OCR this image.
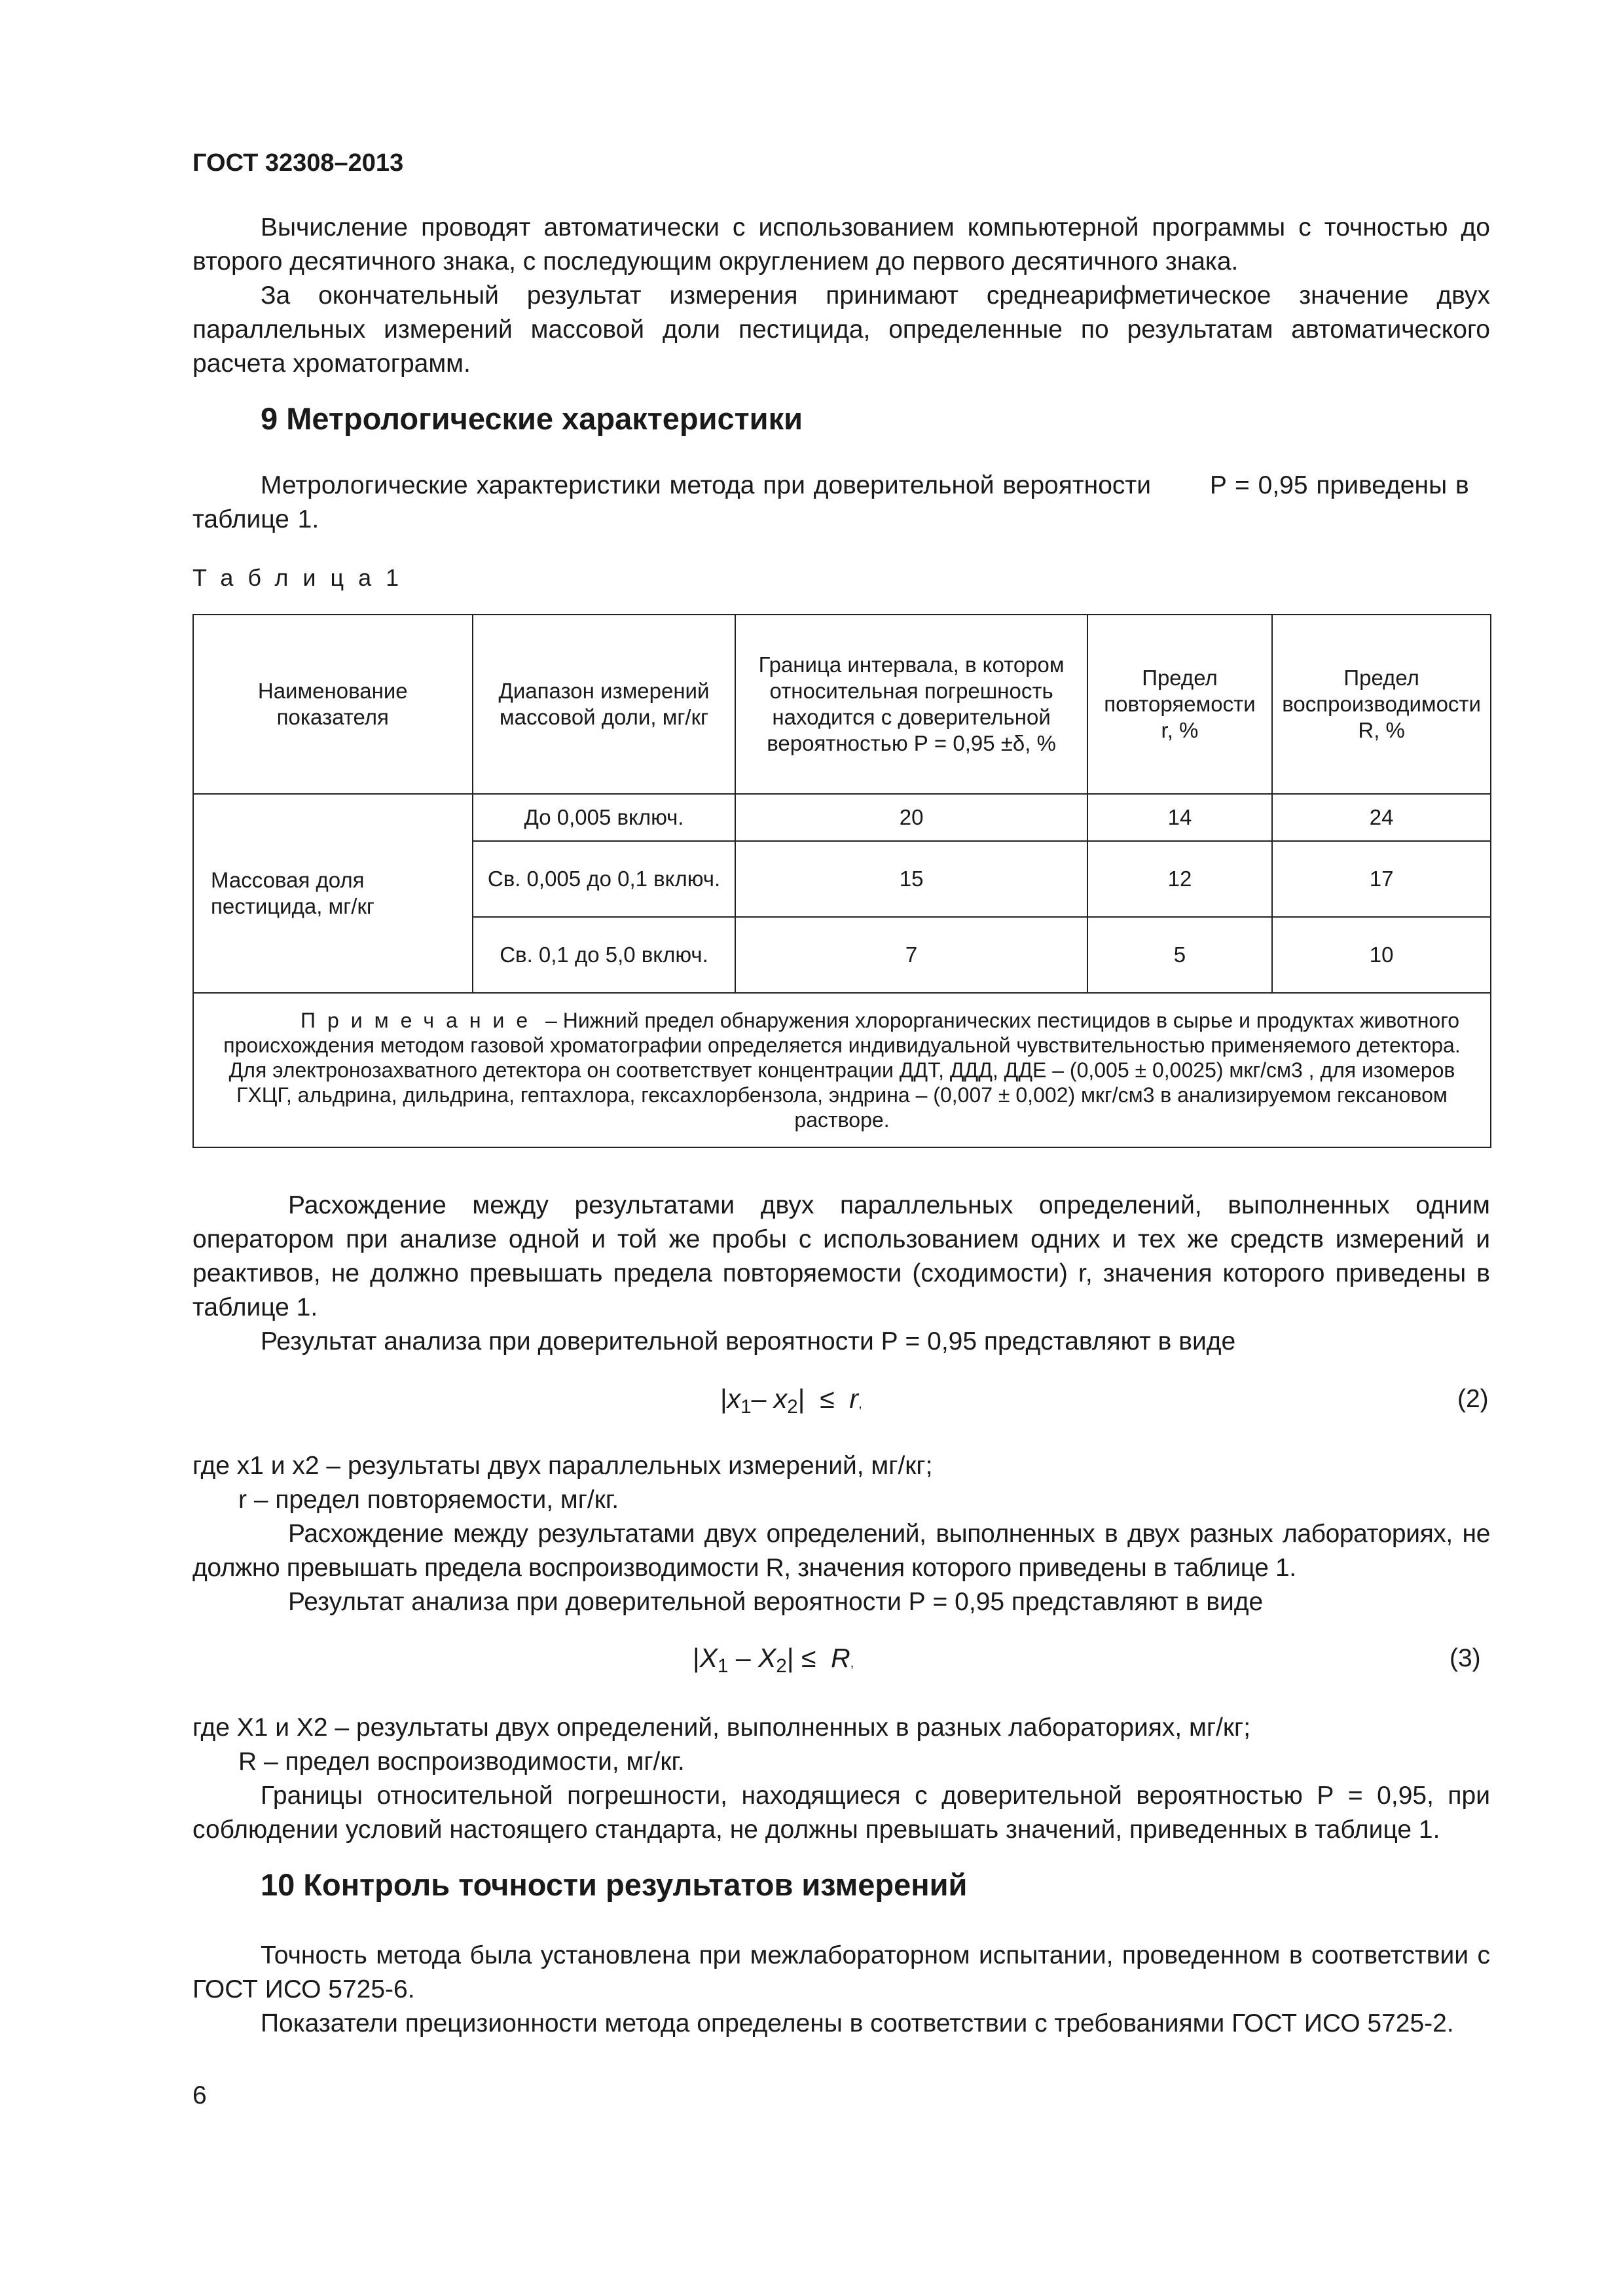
ГОСТ 32308–2013
Вычисление проводят автоматически с использованием компьютерной программы с точностью до второго десятичного знака, с последующим округлением до первого десятичного знака.
За окончательный результат измерения принимают среднеарифметическое значение двух параллельных измерений массовой доли пестицида, определенные по результатам автоматического расчета хроматограмм.
9 Метрологические характеристики
Метрологические характеристики метода при доверительной вероятности       P = 0,95 приведены в таблице 1.
Таблица1
Наименование показателя	Диапазон измерений массовой доли, мг/кг	Граница интервала, в котором относительная погрешность находится с доверительной вероятностью Р = 0,95 ±δ, %	Предел повторяемости r, %	Предел воспроизводимости R, %
Массовая доля пестицида, мг/кг	До 0,005 включ.	20	14	24
	Св. 0,005 до 0,1 включ.	15	12	17
	Св. 0,1 до 5,0 включ.	7	5	10
Примечание – Нижний предел обнаружения хлорорганических пестицидов в сырье и продуктах животного происхождения методом газовой хроматографии определяется индивидуальной чувствительностью применяемого детектора. Для электронозахватного детектора он соответствует концентрации ДДТ, ДДД, ДДЕ – (0,005 ± 0,0025) мкг/см3 , для изомеров ГХЦГ, альдрина, дильдрина, гептахлора, гексахлорбензола, эндрина – (0,007 ± 0,002) мкг/см3 в анализируемом гексановом растворе.				
Расхождение между результатами двух параллельных определений, выполненных одним оператором при анализе одной и той же пробы с использованием одних и тех же средств измерений и реактивов, не должно превышать предела повторяемости (сходимости) r, значения которого приведены в таблице 1.
Результат анализа при доверительной вероятности Р = 0,95 представляют в виде
$|x_1-$ $x_2| \le r$,	(2)
где x1 и x2 – результаты двух параллельных измерений, мг/кг;
r – предел повторяемости, мг/кг.
Расхождение между результатами двух определений, выполненных в двух разных лабораториях, не должно превышать предела воспроизводимости R, значения которого приведены в таблице 1.
Результат анализа при доверительной вероятности Р = 0,95 представляют в виде
$|X_1 - X_2| \le R$,	(3)
где X1 и X2 – результаты двух определений, выполненных в разных лабораториях, мг/кг;
R – предел воспроизводимости, мг/кг.
Границы относительной погрешности, находящиеся с доверительной вероятностью Р = 0,95, при соблюдении условий настоящего стандарта, не должны превышать значений, приведенных в таблице 1.
10 Контроль точности результатов измерений
Точность метода была установлена при межлабораторном испытании, проведенном в соответствии с ГОСТ ИСО 5725-6.
Показатели прецизионности метода определены в соответствии с требованиями ГОСТ ИСО 5725-2.
6
